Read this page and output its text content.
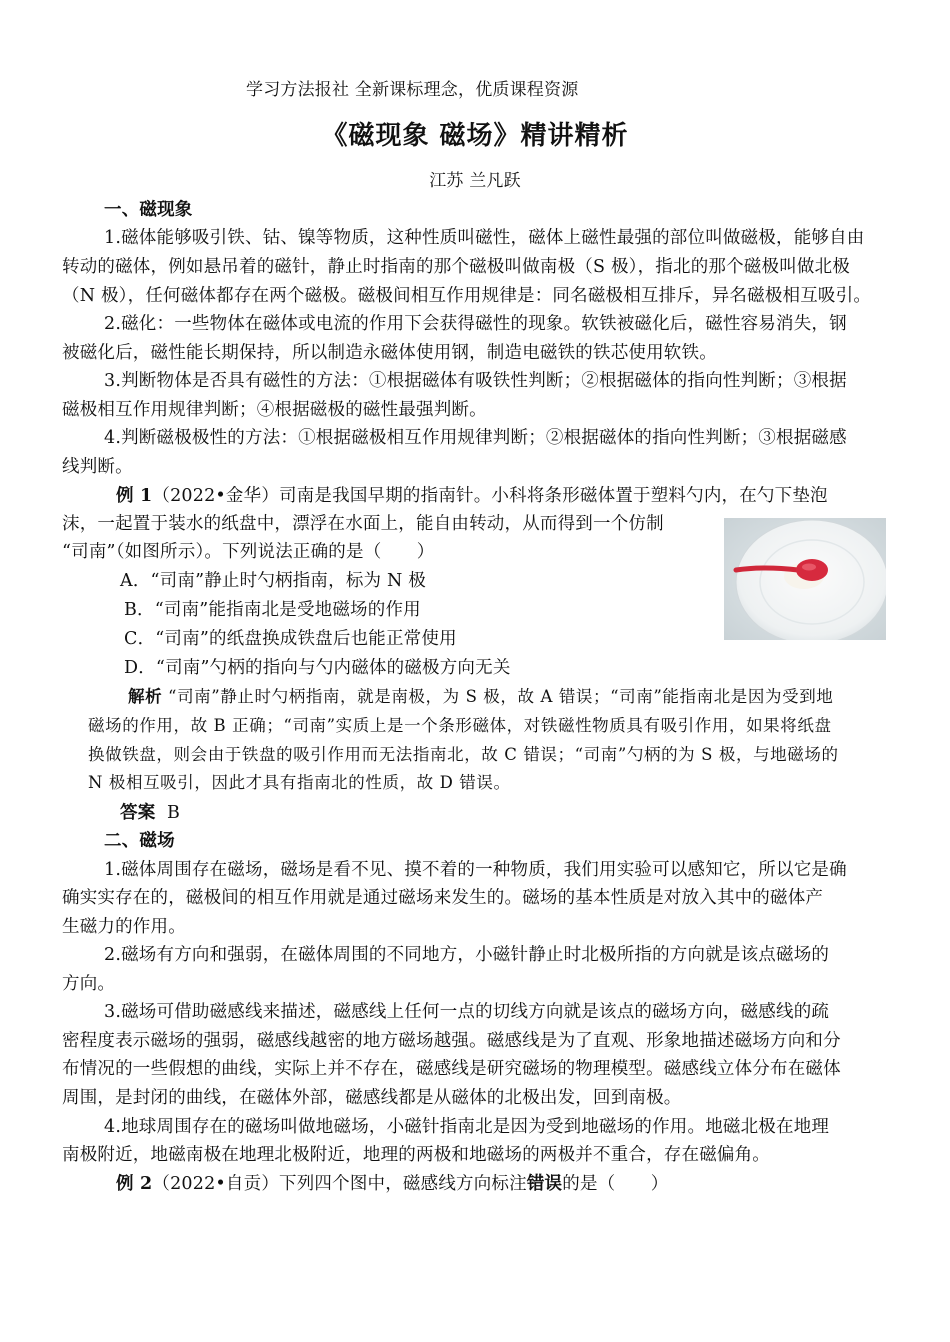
学习方法报社 全新课标理念，优质课程资源
《磁现象 磁场》精讲精析
江苏 兰凡跃
一、磁现象
1.磁体能够吸引铁、钴、镍等物质，这种性质叫磁性，磁体上磁性最强的部位叫做磁极，能够自由
转动的磁体，例如悬吊着的磁针，静止时指南的那个磁极叫做南极（S 极），指北的那个磁极叫做北极
（N 极），任何磁体都存在两个磁极。磁极间相互作用规律是：同名磁极相互排斥，异名磁极相互吸引。
2.磁化：一些物体在磁体或电流的作用下会获得磁性的现象。软铁被磁化后，磁性容易消失，钢
被磁化后，磁性能长期保持，所以制造永磁体使用钢，制造电磁铁的铁芯使用软铁。
3.判断物体是否具有磁性的方法：①根据磁体有吸铁性判断；②根据磁体的指向性判断；③根据
磁极相互作用规律判断；④根据磁极的磁性最强判断。
4.判断磁极极性的方法：①根据磁极相互作用规律判断；②根据磁体的指向性判断；③根据磁感
线判断。
例 1（2022•金华）司南是我国早期的指南针。小科将条形磁体置于塑料勺内，在勺下垫泡
沫，一起置于装水的纸盘中，漂浮在水面上，能自由转动，从而得到一个仿制
“司南”（如图所示）。下列说法正确的是（　　）
A．“司南”静止时勺柄指南，标为 N 极
B．“司南”能指南北是受地磁场的作用
C．“司南”的纸盘换成铁盘后也能正常使用
D．“司南”勺柄的指向与勺内磁体的磁极方向无关
解析 “司南”静止时勺柄指南，就是南极，为 S 极，故 A 错误；“司南”能指南北是因为受到地
磁场的作用，故 B 正确；“司南”实质上是一个条形磁体，对铁磁性物质具有吸引作用，如果将纸盘
换做铁盘，则会由于铁盘的吸引作用而无法指南北，故 C 错误；“司南”勺柄的为 S 极，与地磁场的
N 极相互吸引，因此才具有指南北的性质，故 D 错误。
答案 B
二、磁场
1.磁体周围存在磁场，磁场是看不见、摸不着的一种物质，我们用实验可以感知它，所以它是确
确实实存在的，磁极间的相互作用就是通过磁场来发生的。磁场的基本性质是对放入其中的磁体产
生磁力的作用。
2.磁场有方向和强弱，在磁体周围的不同地方，小磁针静止时北极所指的方向就是该点磁场的
方向。
3.磁场可借助磁感线来描述，磁感线上任何一点的切线方向就是该点的磁场方向，磁感线的疏
密程度表示磁场的强弱，磁感线越密的地方磁场越强。磁感线是为了直观、形象地描述磁场方向和分
布情况的一些假想的曲线，实际上并不存在，磁感线是研究磁场的物理模型。磁感线立体分布在磁体
周围，是封闭的曲线，在磁体外部，磁感线都是从磁体的北极出发，回到南极。
4.地球周围存在的磁场叫做地磁场，小磁针指南北是因为受到地磁场的作用。地磁北极在地理
南极附近，地磁南极在地理北极附近，地理的两极和地磁场的两极并不重合，存在磁偏角。
例 2（2022•自贡）下列四个图中，磁感线方向标注错误的是（　　）
